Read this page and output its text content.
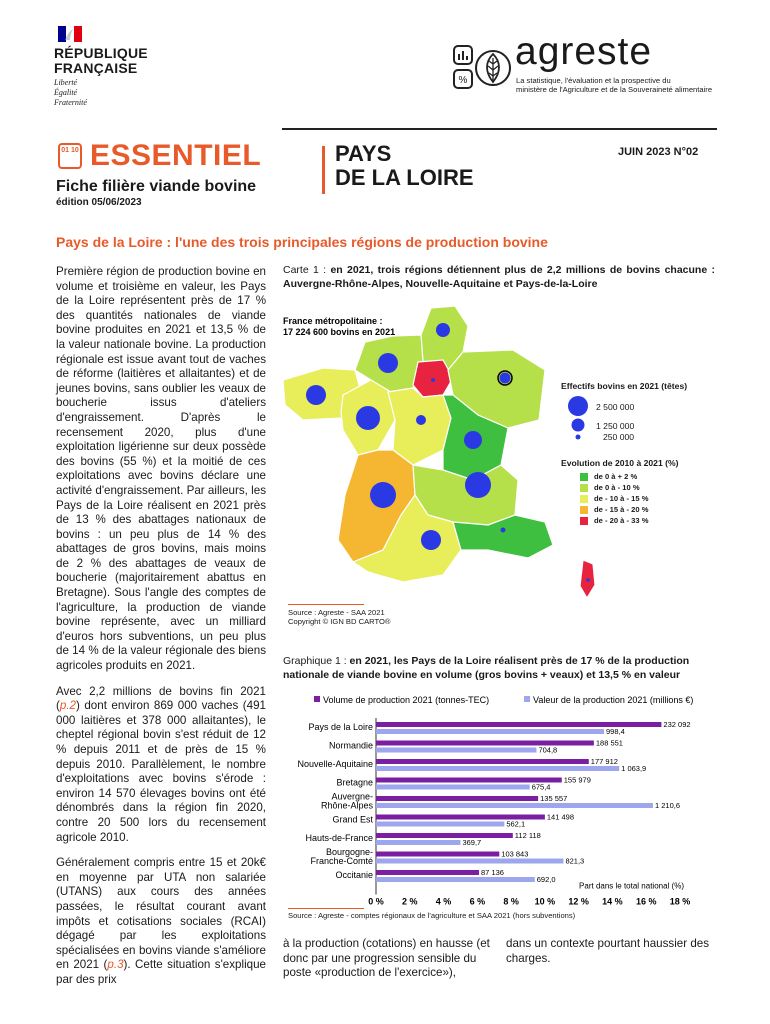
RÉPUBLIQUE
FRANÇAISE
Liberté
Égalité
Fraternité
%
agreste
La statistique, l'évaluation et la prospective du
ministère de l'Agriculture et de la Souveraineté alimentaire
01 10 ESSENTIEL
Fiche filière viande bovine
édition 05/06/2023
PAYS
DE LA LOIRE
JUIN 2023 N°02
Pays de la Loire : l'une des trois principales régions de production bovine

Première région de production bovine en volume et troisième en valeur, les Pays de la Loire représentent près de 17 % des quantités nationales de viande bovine produites en 2021 et 13,5 % de la valeur nationale bovine. La production régionale est issue avant tout de vaches de réforme (laitières et allaitantes) et de jeunes bovins, sans oublier les veaux de boucherie issus d'ateliers d'engraissement. D'après le recensement 2020, plus d'une exploitation ligérienne sur deux possède des bovins (55 %) et la moitié de ces exploitations avec bovins déclare une activité d'engraissement. Par ailleurs, les Pays de la Loire réalisent en 2021 près de 13 % des abattages nationaux de bovins : un peu plus de 14 % des abattages de gros bovins, mais moins de 2 % des abattages de veaux de boucherie (majoritairement abattus en Bretagne). Sous l'angle des comptes de l'agriculture, la production de viande bovine représente, avec un milliard d'euros hors subventions, un peu plus de 14 % de la valeur régionale des biens agricoles produits en 2021.

Avec 2,2 millions de bovins fin 2021 (p.2) dont environ 869 000 vaches (491 000 laitières et 378 000 allaitantes), le cheptel régional bovin s'est réduit de 12 % depuis 2011 et de près de 15 % depuis 2010. Parallèlement, le nombre d'exploitations avec bovins s'érode : environ 14 570 élevages bovins ont été dénombrés dans la région fin 2020, contre 20 500 lors du recensement agricole 2010.

Généralement compris entre 15 et 20k€ en moyenne par UTA non salariée (UTANS) aux cours des années passées, le résultat courant avant impôts et cotisations sociales (RCAI) dégagé par les exploitations spécialisées en bovins viande s'améliore en 2021 (p.3). Cette situation s'explique par des prix

Carte 1 : en 2021, trois régions détiennent plus de 2,2 millions de bovins chacune : Auvergne-Rhône-Alpes, Nouvelle-Aquitaine et Pays-de-la-Loire
France métropolitaine :
17 224 600 bovins en 2021
Effectifs bovins en 2021 (têtes)
2 500 000
1 250 000
250 000
Evolution de 2010 à 2021 (%)
de 0 à + 2 %
de 0 à - 10 %
de - 10 à - 15 %
de - 15 à - 20 %
de - 20 à - 33 %
Source : Agreste - SAA 2021
Copyright © IGN BD CARTO®
Graphique 1 : en 2021, les Pays de la Loire réalisent près de 17 % de la production nationale de viande bovine en volume (gros bovins + veaux) et 13,5 % en valeur
Volume de production 2021 (tonnes-TEC)	Valeur de la production 2021 (millions €)
0 % 2 % 4 % 6 % 8 % 10 % 12 % 14 % 16 % 18 %
Part dans le total national (%)
Pays de la Loire	232 092
998,4
Normandie	188 551
704,8
Nouvelle-Aquitaine	177 912
1 063,9
Bretagne	155 979
675,4
Auvergne-
Rhône-Alpes
135 557
1 210,6
Grand Est	141 498
562,1
Hauts-de-France	112 118
369,7
Bourgogne-
Franche-Comté
103 843
821,3
Occitanie	87 136
692,0
Source : Agreste - comptes régionaux de l'agriculture et SAA 2021 (hors subventions)
à la production (cotations) en hausse (et donc par une progression sensible du poste «production de l'exercice»),
dans un contexte pourtant haussier des charges.
